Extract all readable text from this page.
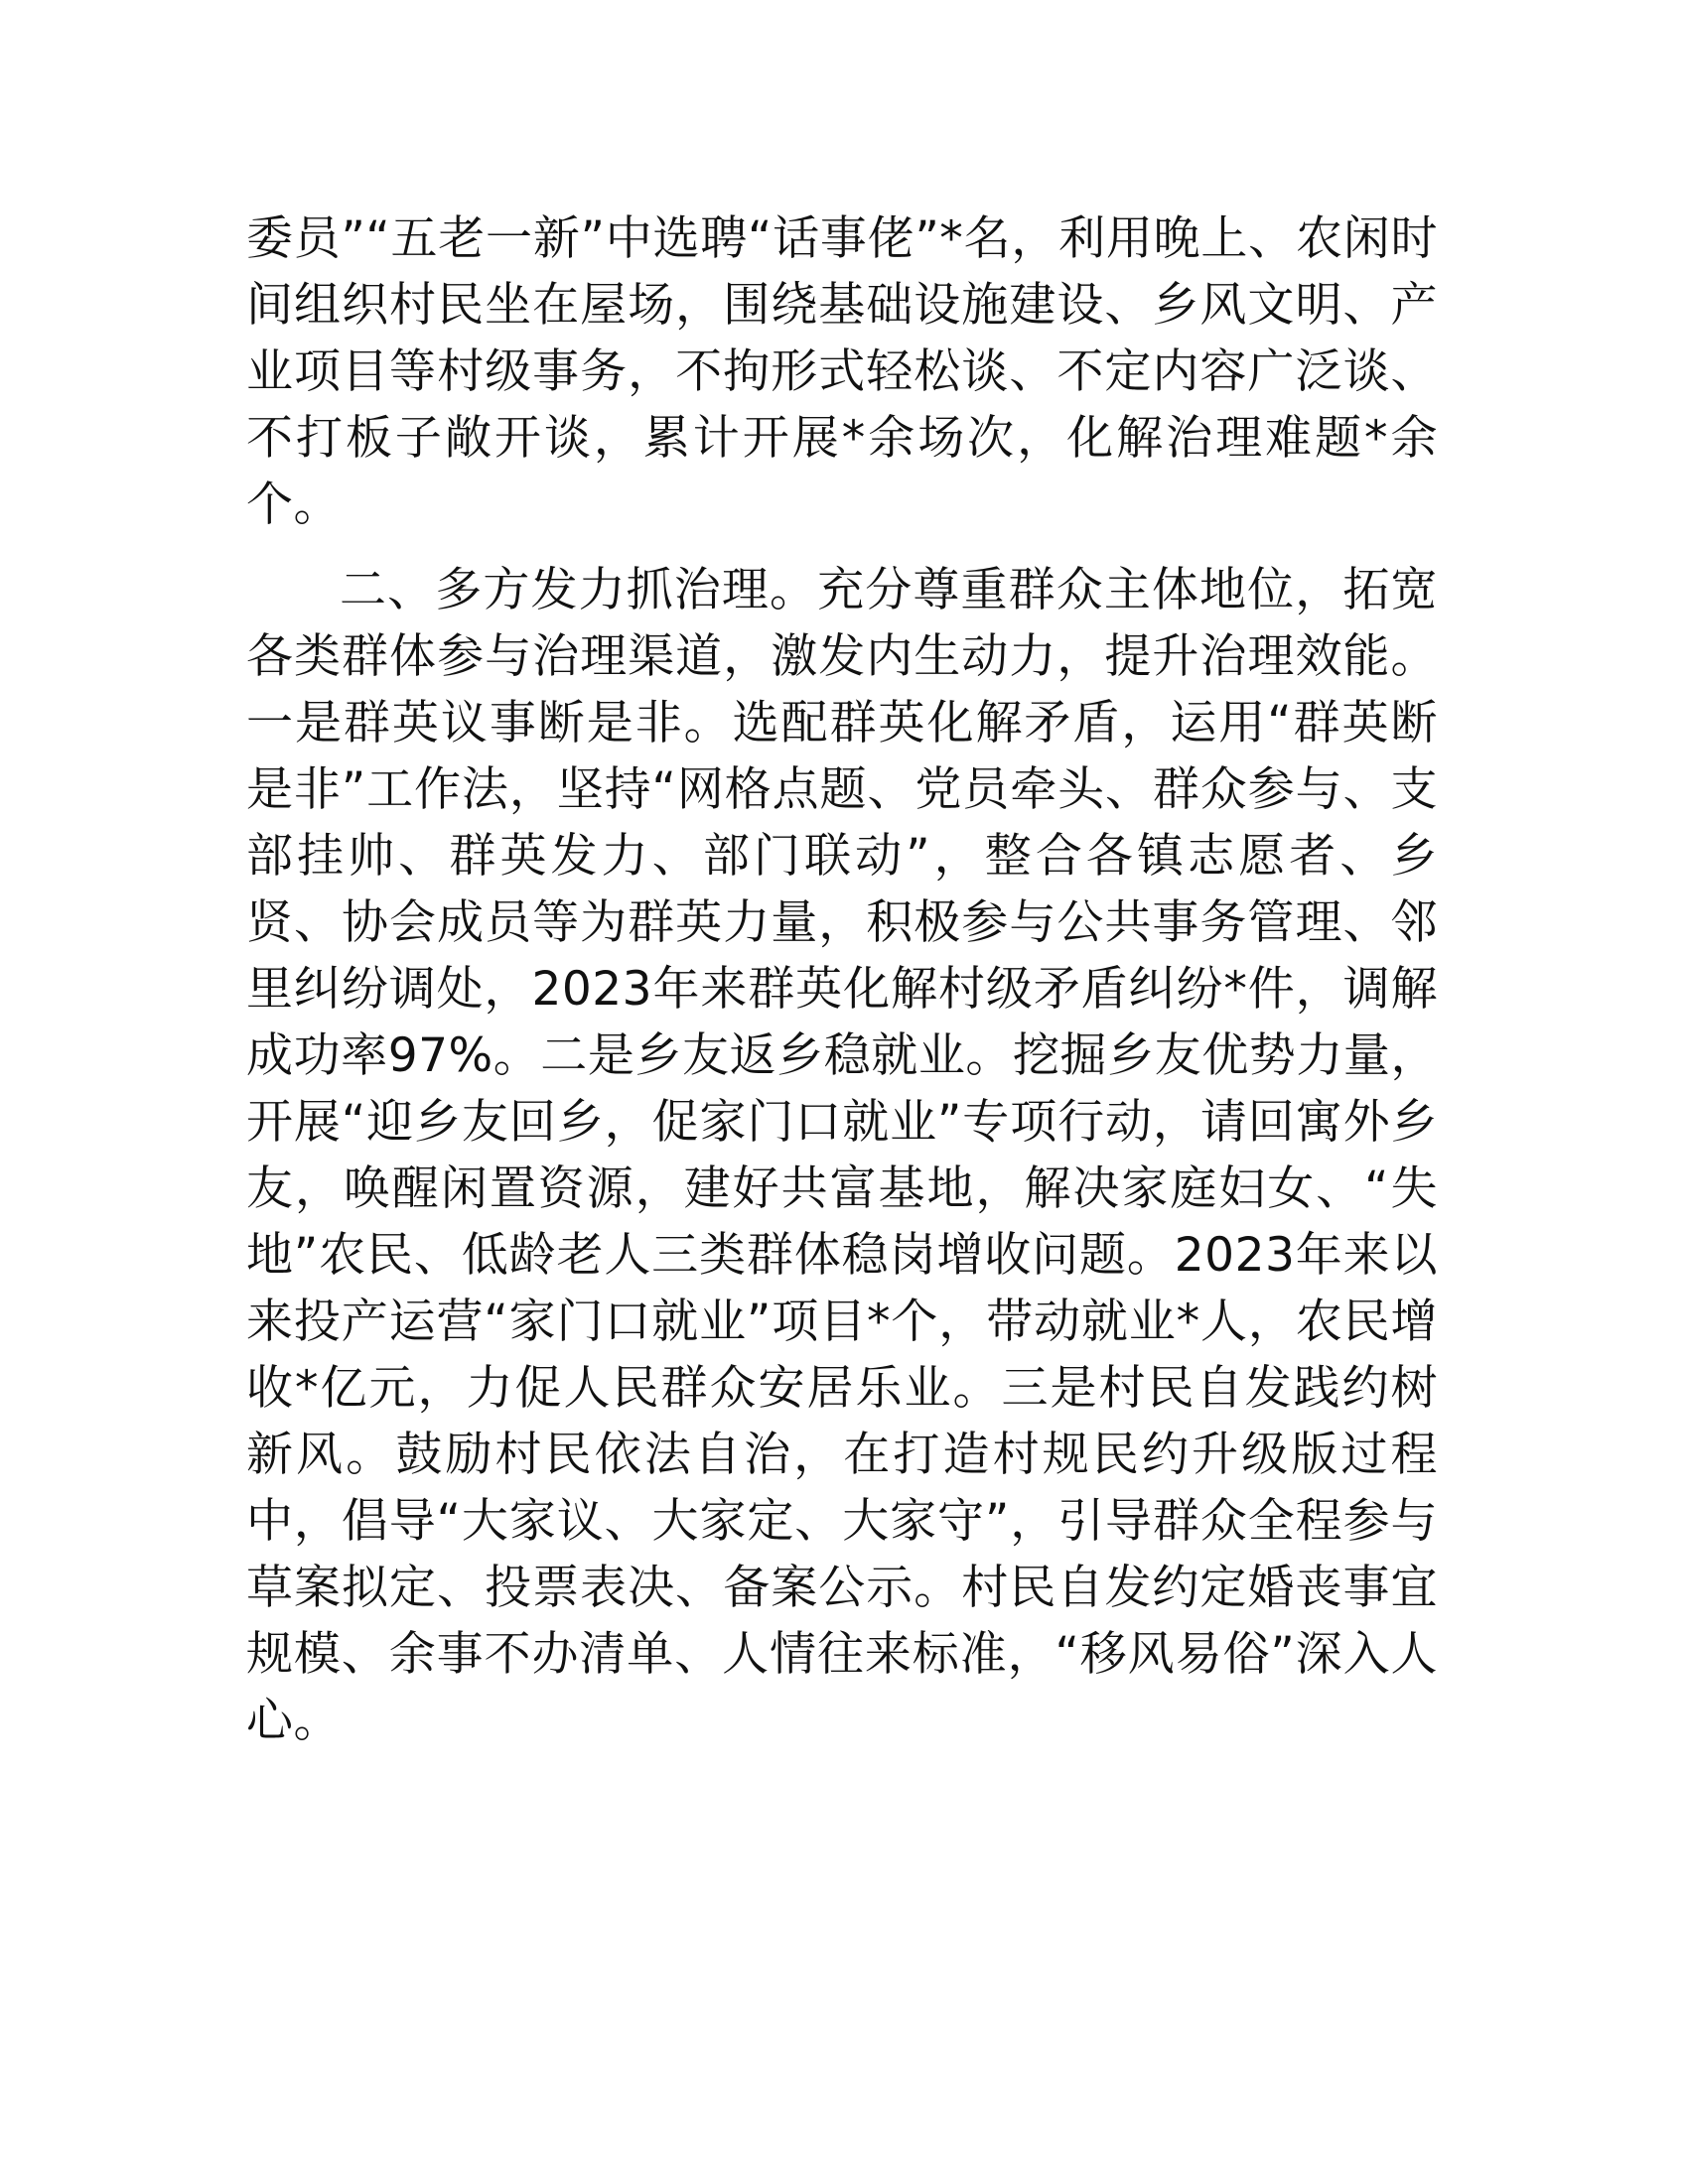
委员”“五老一新”中选聘“话事佬”*名，利用晚上、农闲时间组织村民坐在屋场，围绕基础设施建设、乡风文明、产业项目等村级事务，不拘形式轻松谈、不定内容广泛谈、不打板子敞开谈，累计开展*余场次，化解治理难题*余个。

二、多方发力抓治理。充分尊重群众主体地位，拓宽各类群体参与治理渠道，激发内生动力，提升治理效能。一是群英议事断是非。选配群英化解矛盾，运用“群英断是非”工作法，坚持“网格点题、党员牵头、群众参与、支部挂帅、群英发力、部门联动”，整合各镇志愿者、乡贤、协会成员等为群英力量，积极参与公共事务管理、邻里纠纷调处，2023年来群英化解村级矛盾纠纷*件，调解成功率97%。二是乡友返乡稳就业。挖掘乡友优势力量，开展“迎乡友回乡，促家门口就业”专项行动，请回寓外乡友，唤醒闲置资源，建好共富基地，解决家庭妇女、“失地”农民、低龄老人三类群体稳岗增收问题。2023年来以来投产运营“家门口就业”项目*个，带动就业*人，农民增收*亿元，力促人民群众安居乐业。三是村民自发践约树新风。鼓励村民依法自治，在打造村规民约升级版过程中，倡导“大家议、大家定、大家守”，引导群众全程参与草案拟定、投票表决、备案公示。村民自发约定婚丧事宜规模、余事不办清单、人情往来标准，“移风易俗”深入人心。
